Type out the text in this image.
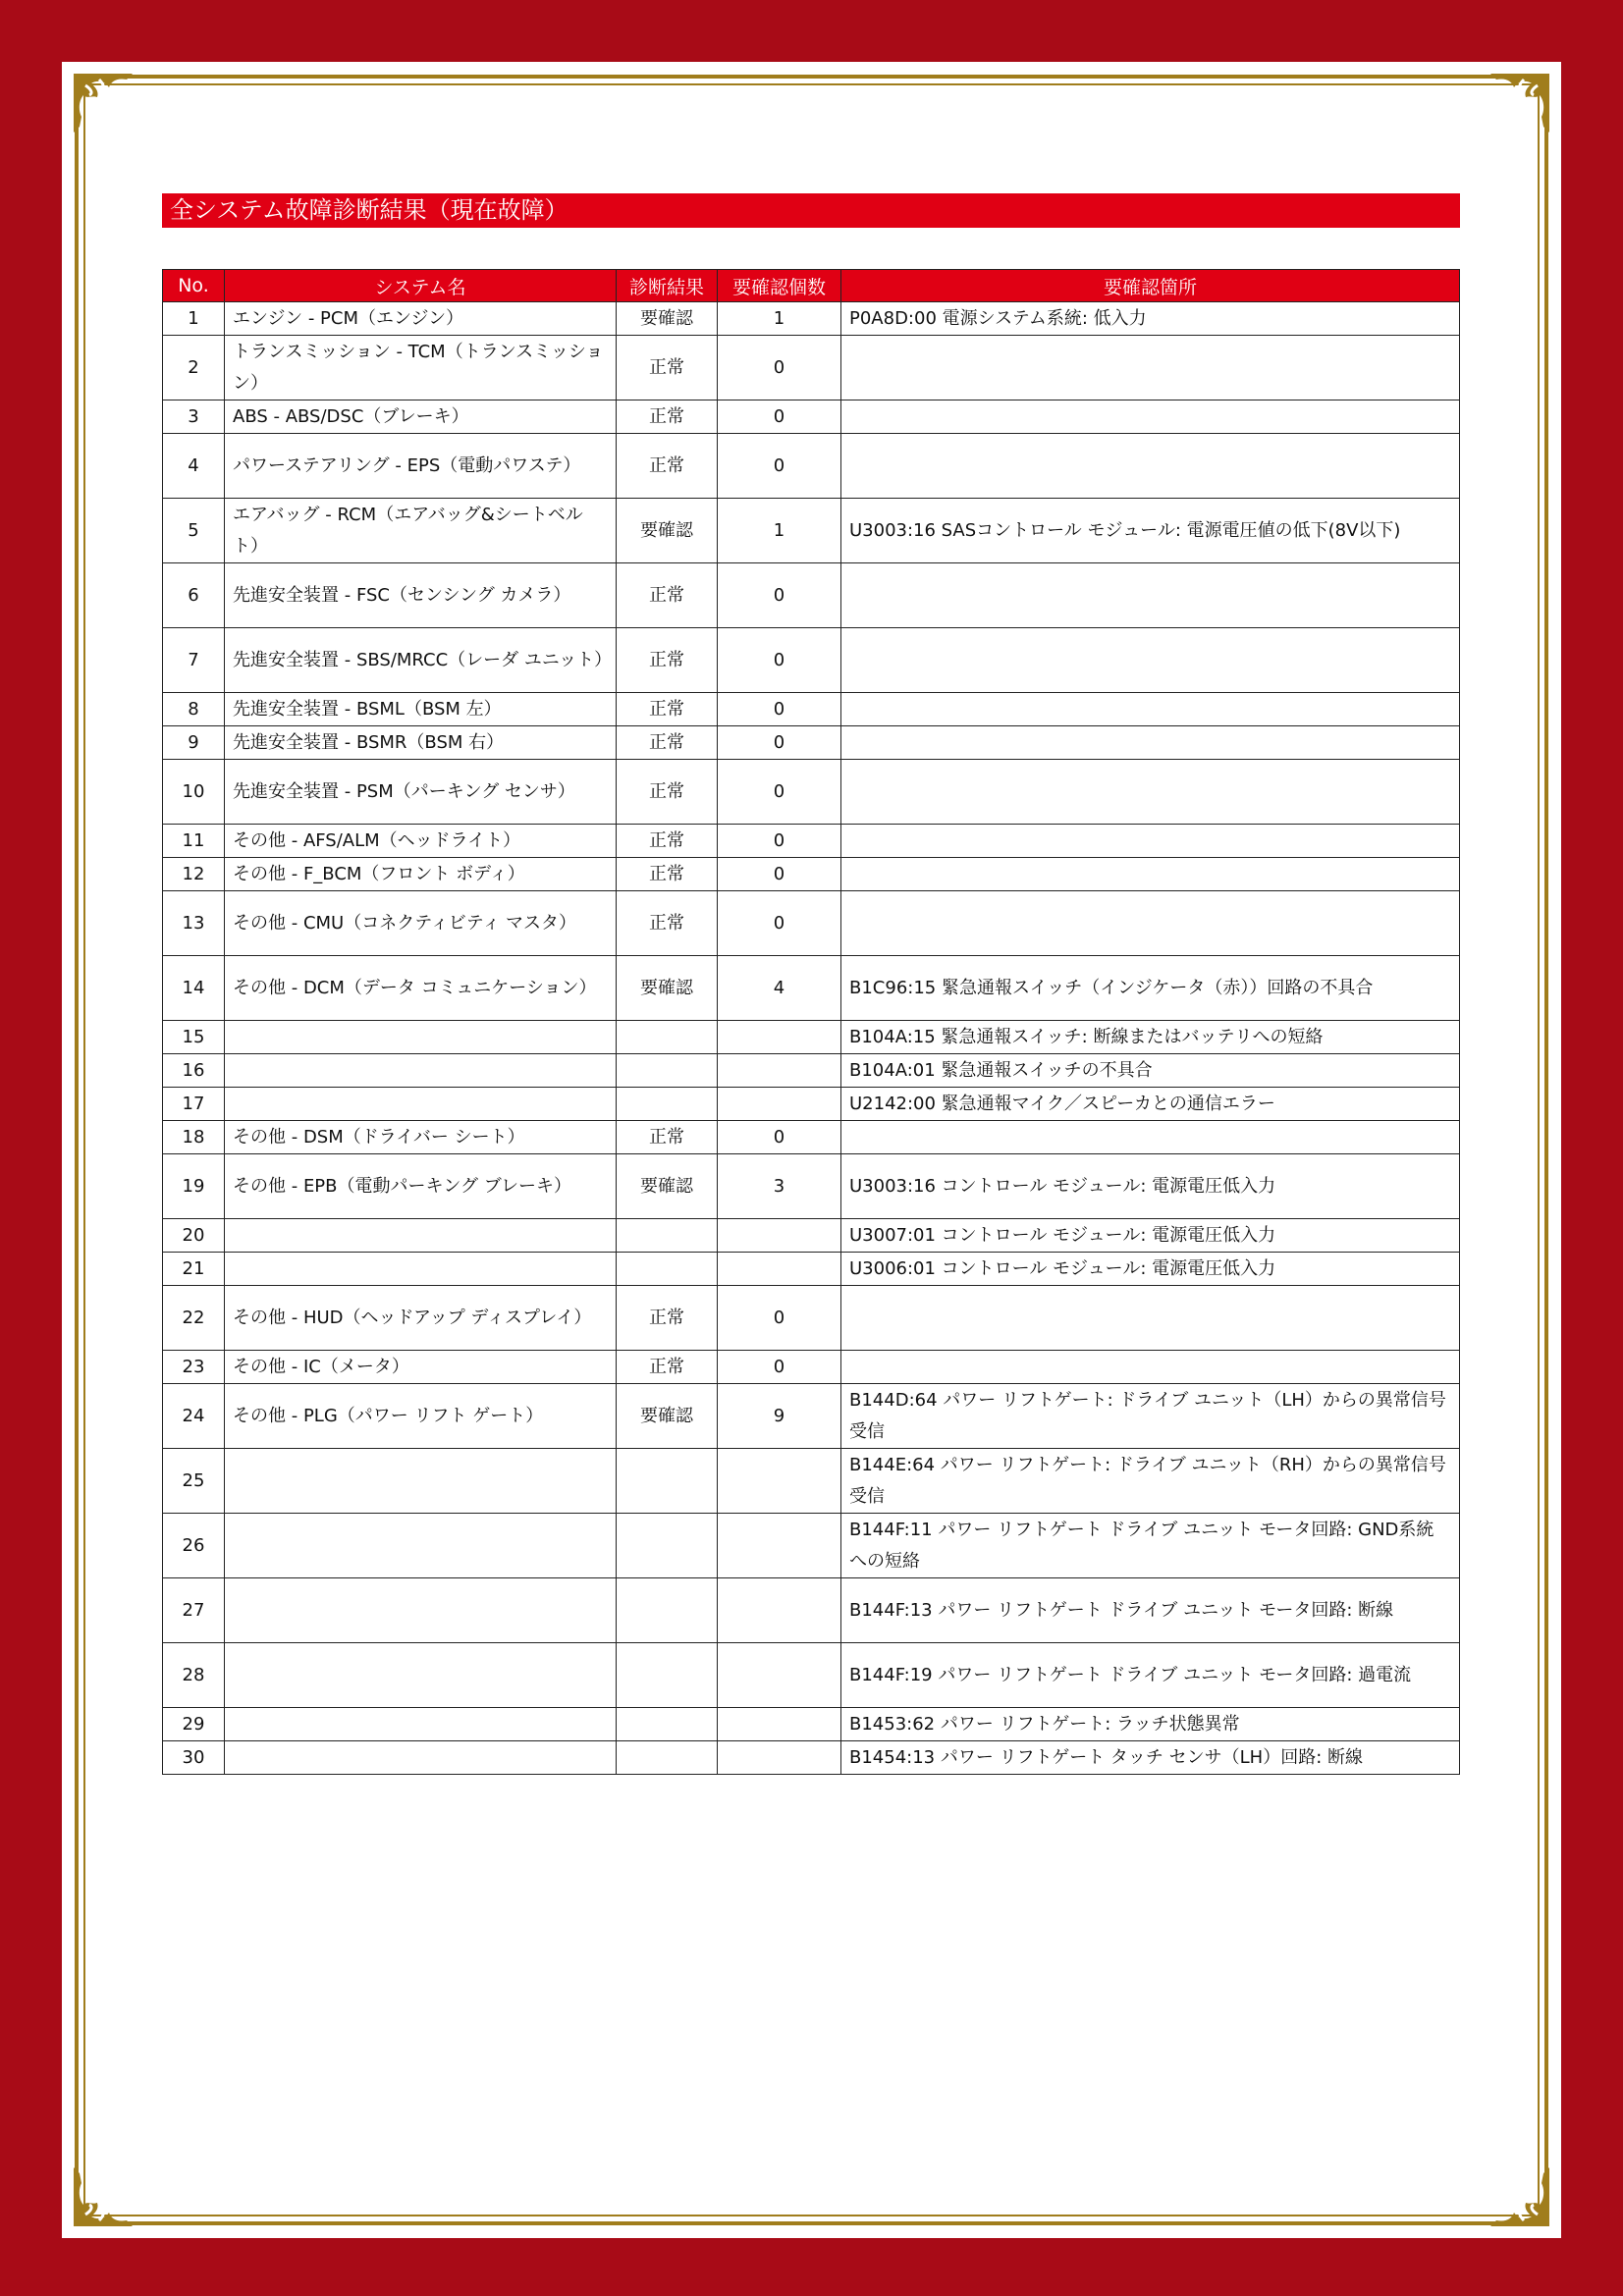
全システム故障診断結果（現在故障）
No.	システム名	診断結果	要確認個数	要確認箇所
1	エンジン - PCM（エンジン）	要確認	1	P0A8D:00 電源システム系統: 低入力
2	トランスミッション - TCM（トランスミッション）	正常	0	
3	ABS - ABS/DSC（ブレーキ）	正常	0	
4	パワーステアリング - EPS（電動パワステ）	正常	0	
5	エアバッグ - RCM（エアバッグ&シートベルト）	要確認	1	U3003:16 SASコントロール モジュール: 電源電圧値の低下(8V以下)
6	先進安全装置 - FSC（センシング カメラ）	正常	0	
7	先進安全装置 - SBS/MRCC（レーダ ユニット）	正常	0	
8	先進安全装置 - BSML（BSM 左）	正常	0	
9	先進安全装置 - BSMR（BSM 右）	正常	0	
10	先進安全装置 - PSM（パーキング センサ）	正常	0	
11	その他 - AFS/ALM（ヘッドライト）	正常	0	
12	その他 - F_BCM（フロント ボディ）	正常	0	
13	その他 - CMU（コネクティビティ マスタ）	正常	0	
14	その他 - DCM（データ コミュニケーション）	要確認	4	B1C96:15 緊急通報スイッチ（インジケータ（赤））回路の不具合
15				B104A:15 緊急通報スイッチ: 断線またはバッテリへの短絡
16				B104A:01 緊急通報スイッチの不具合
17				U2142:00 緊急通報マイク／スピーカとの通信エラー
18	その他 - DSM（ドライバー シート）	正常	0	
19	その他 - EPB（電動パーキング ブレーキ）	要確認	3	U3003:16 コントロール モジュール: 電源電圧低入力
20				U3007:01 コントロール モジュール: 電源電圧低入力
21				U3006:01 コントロール モジュール: 電源電圧低入力
22	その他 - HUD（ヘッドアップ ディスプレイ）	正常	0	
23	その他 - IC（メータ）	正常	0	
24	その他 - PLG（パワー リフト ゲート）	要確認	9	B144D:64 パワー リフトゲート: ドライブ ユニット（LH）からの異常信号受信
25				B144E:64 パワー リフトゲート: ドライブ ユニット（RH）からの異常信号受信
26				B144F:11 パワー リフトゲート ドライブ ユニット モータ回路: GND系統への短絡
27				B144F:13 パワー リフトゲート ドライブ ユニット モータ回路: 断線
28				B144F:19 パワー リフトゲート ドライブ ユニット モータ回路: 過電流
29				B1453:62 パワー リフトゲート: ラッチ状態異常
30				B1454:13 パワー リフトゲート タッチ センサ（LH）回路: 断線
